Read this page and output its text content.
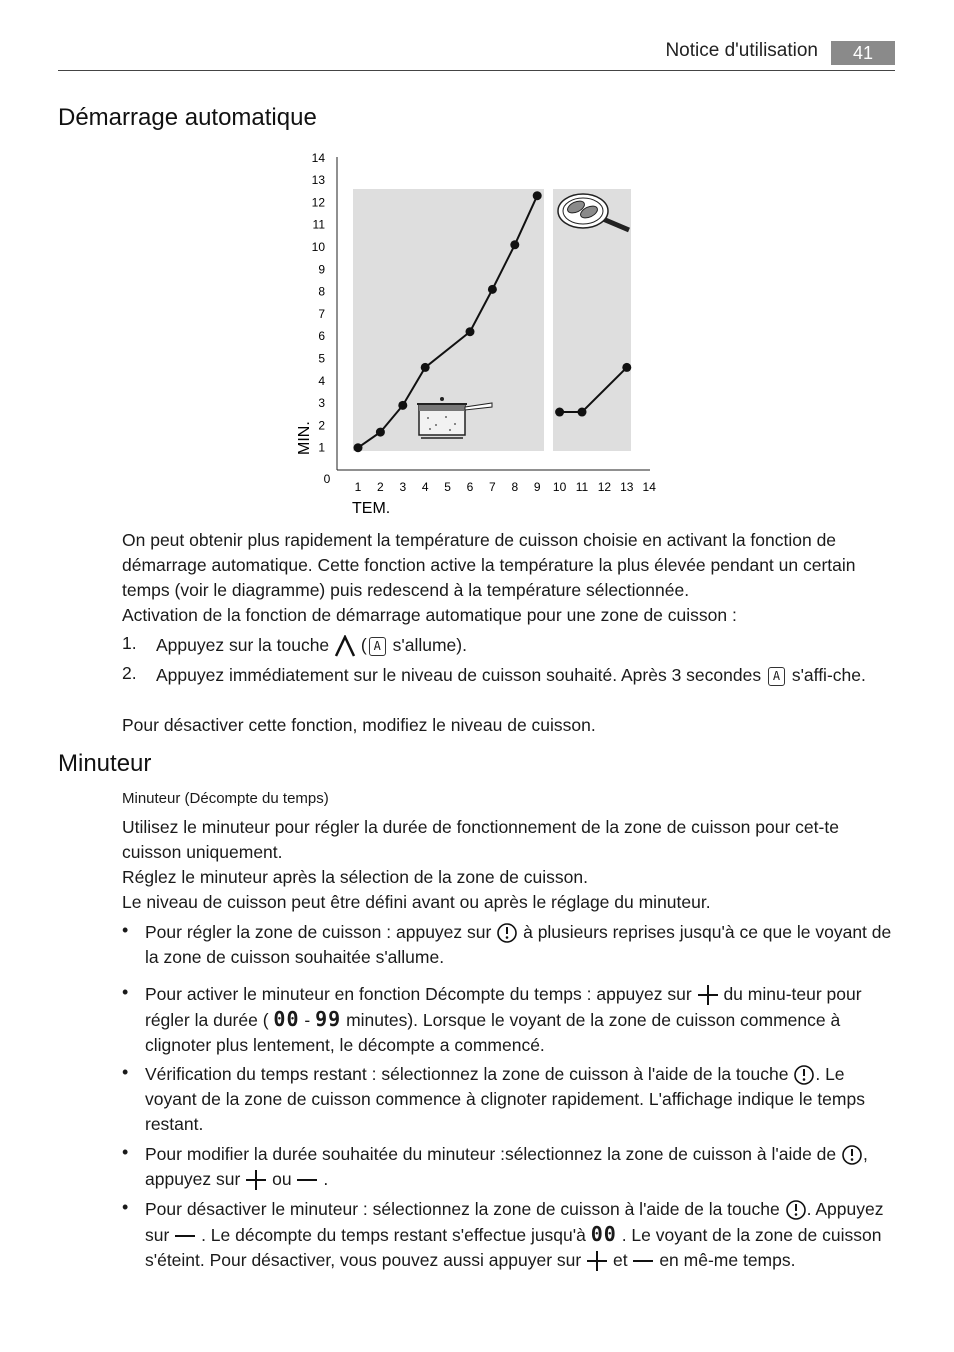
Notice d'utilisation	41
Démarrage automatique
0
1
2
3
4
5
6
7
8
9
10
11
12
13
14
1 2 3 4 5 6 7 8 9 10 11 12 13 14
MIN.
TEM.
On peut obtenir plus rapidement la température de cuisson choisie en activant la fonction de démarrage automatique. Cette fonction active la température la plus élevée pendant un certain temps (voir le diagramme) puis redescend à la température sélectionnée.
Activation de la fonction de démarrage automatique pour une zone de cuisson :
1. Appuyez sur la touche ( A s'allume).
2. Appuyez immédiatement sur le niveau de cuisson souhaité. Après 3 secondes A s'affi-che.
Pour désactiver cette fonction, modifiez le niveau de cuisson.
Minuteur
Minuteur (Décompte du temps)
Utilisez le minuteur pour régler la durée de fonctionnement de la zone de cuisson pour cet-te cuisson uniquement.
Réglez le minuteur après la sélection de la zone de cuisson.
Le niveau de cuisson peut être défini avant ou après le réglage du minuteur.
• Pour régler la zone de cuisson : appuyez sur à plusieurs reprises jusqu'à ce que le voyant de la zone de cuisson souhaitée s'allume.
• Pour activer le minuteur en fonction Décompte du temps : appuyez sur du minu-teur pour régler la durée ( 00 - 99 minutes). Lorsque le voyant de la zone de cuisson commence à clignoter plus lentement, le décompte a commencé.
• Vérification du temps restant : sélectionnez la zone de cuisson à l'aide de la touche . Le voyant de la zone de cuisson commence à clignoter rapidement. L'affichage indique le temps restant.
• Pour modifier la durée souhaitée du minuteur :sélectionnez la zone de cuisson à l'aide de , appuyez sur ou .
• Pour désactiver le minuteur : sélectionnez la zone de cuisson à l'aide de la touche . Appuyez sur . Le décompte du temps restant s'effectue jusqu'à 00 . Le voyant de la zone de cuisson s'éteint. Pour désactiver, vous pouvez aussi appuyer sur et en mê-me temps.
